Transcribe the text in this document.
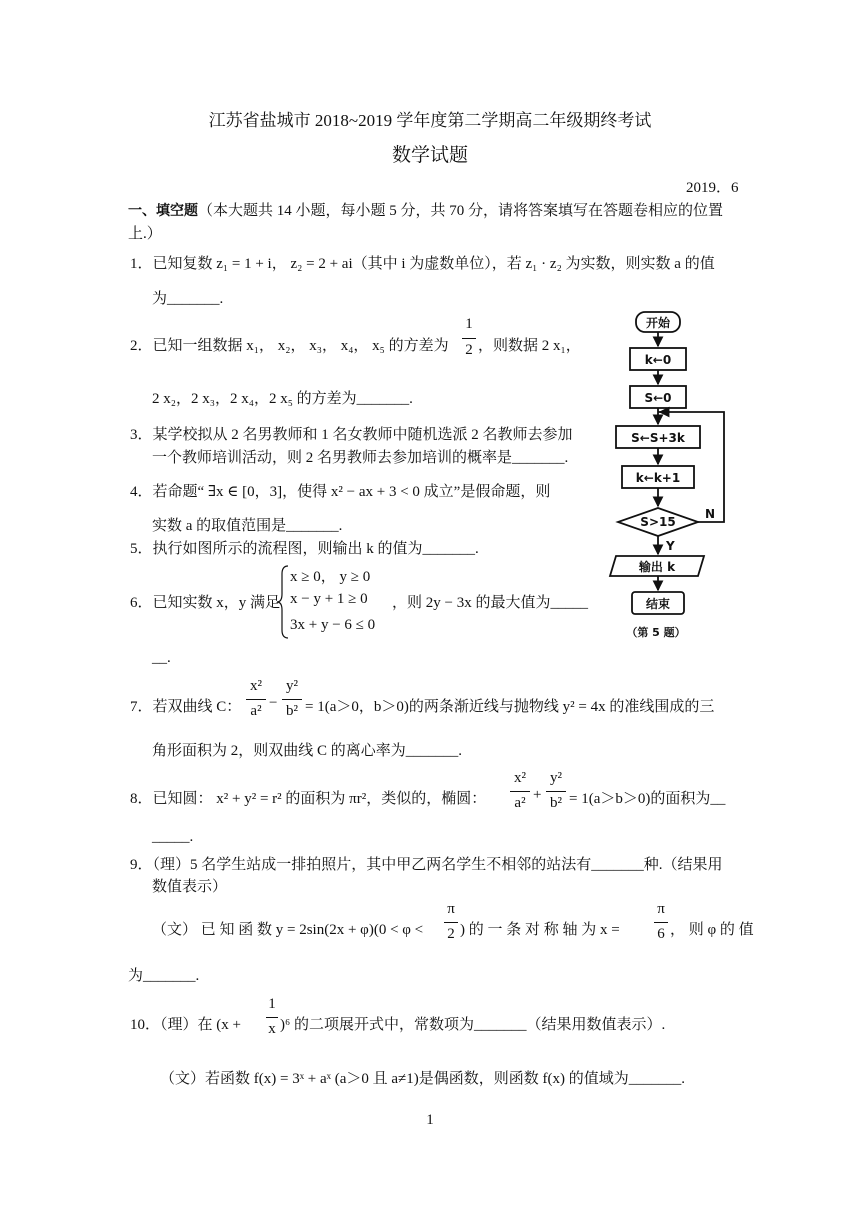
江苏省盐城市 2018~2019 学年度第二学期高二年级期终考试
数学试题
2019．6
一、填空题（本大题共 14 小题，每小题 5 分，共 70 分，请将答案填写在答题卷相应的位置
上.）
1．已知复数 z₁ = 1 + i， z₂ = 2 + ai（其中 i 为虚数单位），若 z₁ · z₂ 为实数，则实数 a 的值
为_______.
2．已知一组数据 x₁， x₂， x₃， x₄， x₅ 的方差为
1
2 ，则数据 2 x₁，
2 x₂，2 x₃，2 x₄，2 x₅ 的方差为_______.
3．某学校拟从 2 名男教师和 1 名女教师中随机选派 2 名教师去参加
一个教师培训活动，则 2 名男教师去参加培训的概率是_______.
4．若命题“ ∃x ∈ [0，3]，使得 x² − ax + 3 < 0 成立”是假命题，则
实数 a 的取值范围是_______.
5．执行如图所示的流程图，则输出 k 的值为_______.
6．已知实数 x，y 满足
x ≥ 0， y ≥ 0
x − y + 1 ≥ 0
3x + y − 6 ≤ 0
，则 2y − 3x 的最大值为_____
__.
7．若双曲线 C：
x²
a² −
y²
b² = 1(a＞0，b＞0)的两条渐近线与抛物线 y² = 4x 的准线围成的三
角形面积为 2，则双曲线 C 的离心率为_______.
8．已知圆： x² + y² = r² 的面积为 πr²，类似的，椭圆：
x²
a² +
y²
b² = 1(a＞b＞0)的面积为__
_____.
9．（理）5 名学生站成一排拍照片，其中甲乙两名学生不相邻的站法有_______种.（结果用
数值表示）
（文） 已 知 函 数 y = 2sin(2x + φ)(0 < φ <
π
2 ) 的 一 条 对 称 轴 为 x =
π
6 ， 则 φ 的 值
为_______.
10．（理）在 (x +
1
x )⁶ 的二项展开式中，常数项为_______（结果用数值表示）.
（文）若函数 f(x) = 3ˣ + aˣ (a＞0 且 a≠1)是偶函数，则函数 f(x) 的值域为_______.
1
开始
k←0
S←0
S←S+3k
k←k+1
S>15
N
Y
输出 k
结束
（第 5 题）
